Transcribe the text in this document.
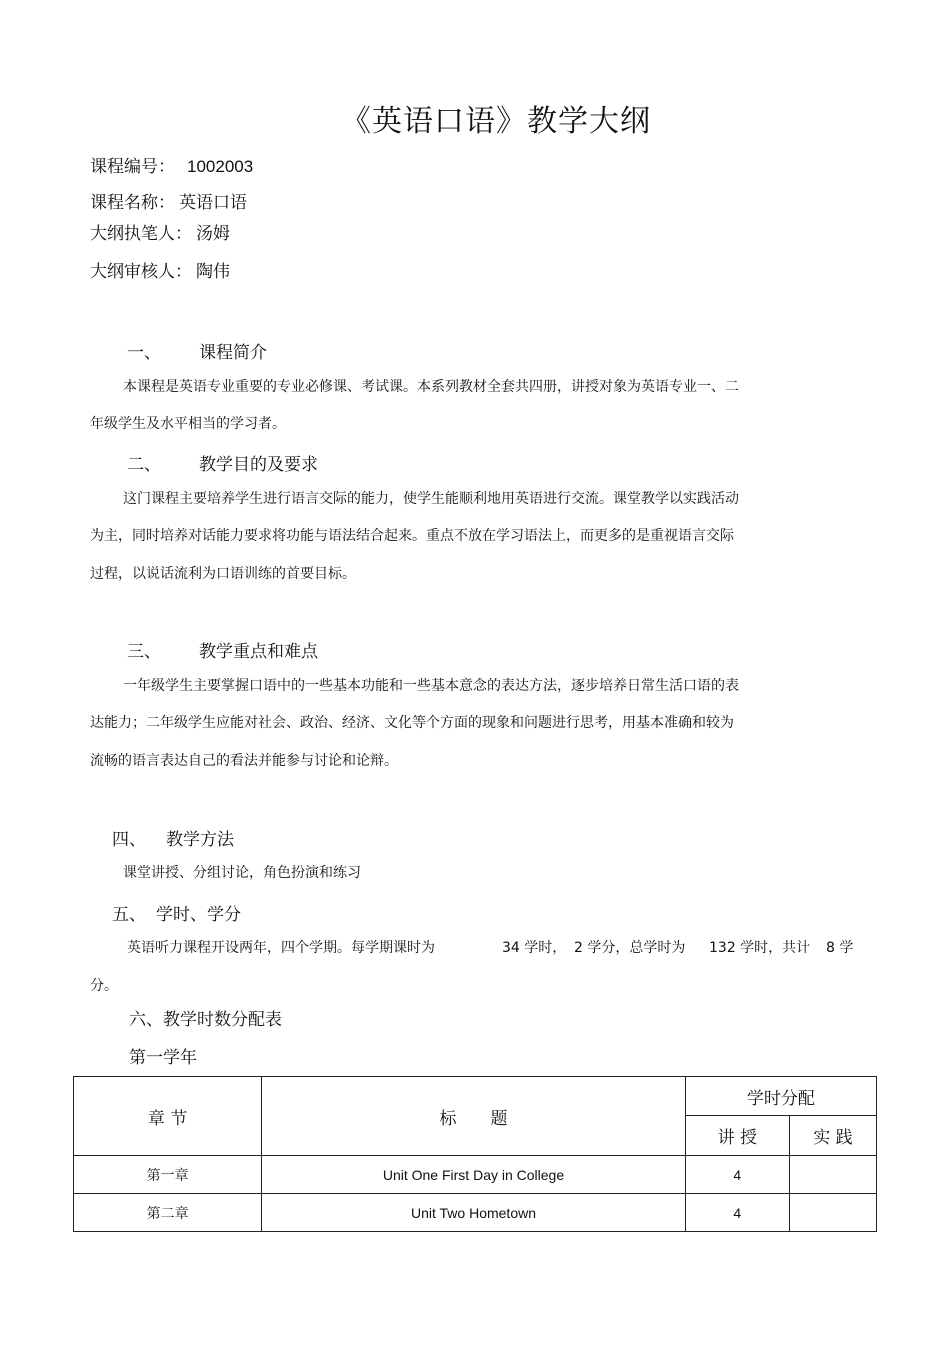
《英语口语》教学大纲
课程编号： 1002003
课程名称： 英语口语
大纲执笔人： 汤姆
大纲审核人： 陶伟
一、 课程简介
本课程是英语专业重要的专业必修课、考试课。本系列教材全套共四册，讲授对象为英语专业一、二
年级学生及水平相当的学习者。
二、 教学目的及要求
这门课程主要培养学生进行语言交际的能力，使学生能顺利地用英语进行交流。课堂教学以实践活动
为主，同时培养对话能力要求将功能与语法结合起来。重点不放在学习语法上，而更多的是重视语言交际
过程，以说话流利为口语训练的首要目标。
三、 教学重点和难点
一年级学生主要掌握口语中的一些基本功能和一些基本意念的表达方法，逐步培养日常生活口语的表
达能力；二年级学生应能对社会、政治、经济、文化等个方面的现象和问题进行思考，用基本准确和较为
流畅的语言表达自己的看法并能参与讨论和论辩。
四、 教学方法
课堂讲授、分组讨论，角色扮演和练习
五、 学时、学分
英语听力课程开设两年，四个学期。每学期课时为	34 学时， 2 学分，总学时为 132 学时，共计 8 学
分。
六、教学时数分配表
第一学年
章 节	标　　题	学时分配	
		讲 授	实 践
第一章	Unit One First Day in College	4	
第二章	Unit Two Hometown	4	
